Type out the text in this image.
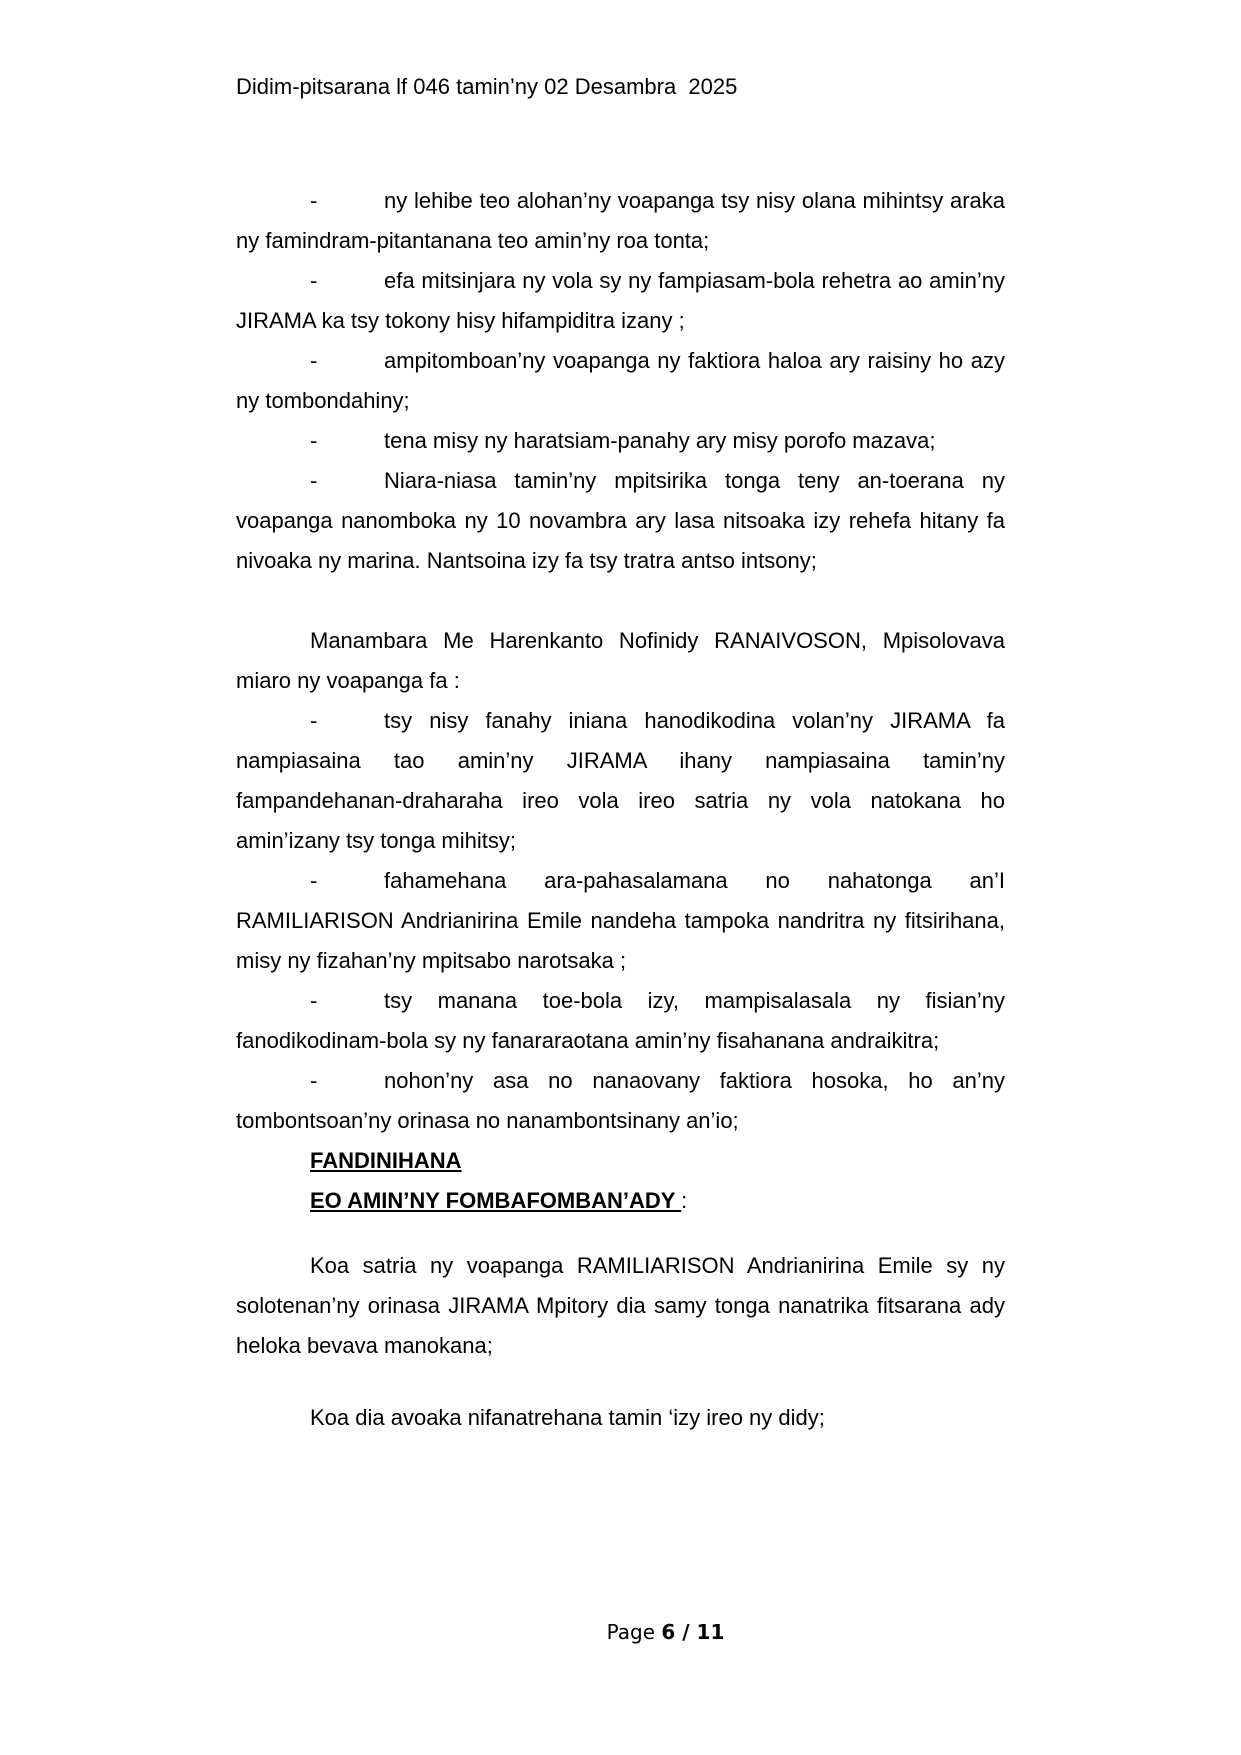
Didim-pitsarana lf 046 tamin’ny 02 Desambra  2025

-	ny lehibe teo alohan’ny voapanga tsy nisy olana mihintsy araka ny famindram-pitantanana teo amin’ny roa tonta;

-	efa mitsinjara ny vola sy ny fampiasam-bola rehetra ao amin’ny JIRAMA ka tsy tokony hisy hifampiditra izany ;

-	ampitomboan’ny voapanga ny faktiora haloa ary raisiny ho azy ny tombondahiny;

-	tena misy ny haratsiam-panahy ary misy porofo mazava;

-	Niara-niasa tamin’ny mpitsirika tonga teny an-toerana ny voapanga nanomboka ny 10 novambra ary lasa nitsoaka izy rehefa hitany fa nivoaka ny marina. Nantsoina izy fa tsy tratra antso intsony;

Manambara Me Harenkanto Nofinidy RANAIVOSON, Mpisolovava miaro ny voapanga fa :

-	tsy nisy fanahy iniana hanodikodina volan’ny JIRAMA fa nampiasaina tao amin’ny JIRAMA ihany nampiasaina tamin’ny fampandehanan-draharaha ireo vola ireo satria ny vola natokana ho amin’izany tsy tonga mihitsy;

-	fahamehana ara-pahasalamana no nahatonga an’I RAMILIARISON Andrianirina Emile nandeha tampoka nandritra ny fitsirihana, misy ny fizahan’ny mpitsabo narotsaka ;

-	tsy manana toe-bola izy, mampisalasala ny fisian’ny fanodikodinam-bola sy ny fanararaotana amin’ny fisahanana andraikitra;

-	nohon’ny asa no nanaovany faktiora hosoka, ho an’ny tombontsoan’ny orinasa no nanambontsinany an’io;

FANDINIHANA

EO AMIN’NY FOMBAFOMBAN’ADY :

Koa satria ny voapanga RAMILIARISON Andrianirina Emile sy ny solotenan’ny orinasa JIRAMA Mpitory dia samy tonga nanatrika fitsarana ady heloka bevava manokana;

Koa dia avoaka nifanatrehana tamin ‘izy ireo ny didy;

Page 6 / 11
